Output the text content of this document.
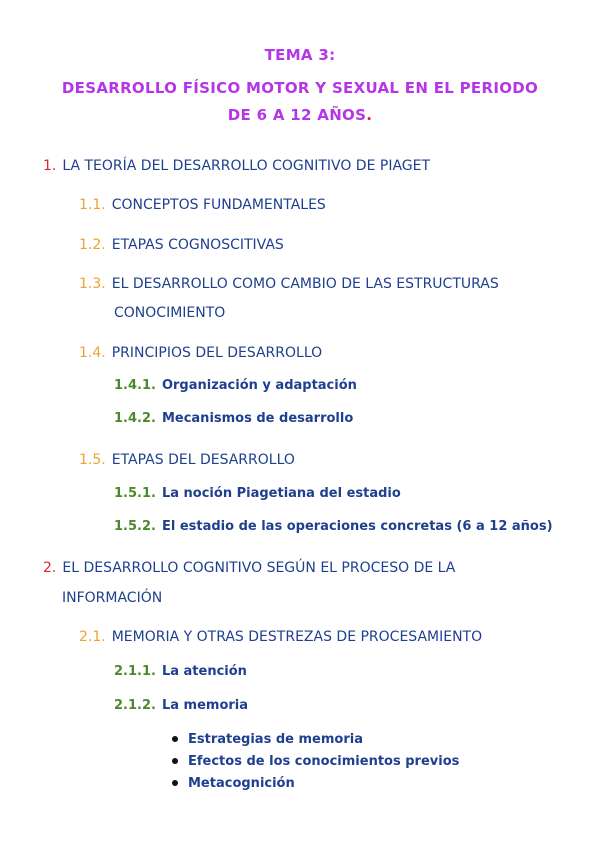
TEMA 3:
DESARROLLO FÍSICO MOTOR Y SEXUAL EN EL PERIODO
DE 6 A 12 AÑOS.
1. LA TEORÍA DEL DESARROLLO COGNITIVO DE PIAGET
1.1. CONCEPTOS FUNDAMENTALES
1.2. ETAPAS COGNOSCITIVAS
1.3. EL DESARROLLO COMO CAMBIO DE LAS ESTRUCTURAS
CONOCIMIENTO
1.4. PRINCIPIOS DEL DESARROLLO
1.4.1. Organización y adaptación
1.4.2. Mecanismos de desarrollo
1.5. ETAPAS DEL DESARROLLO
1.5.1. La noción Piagetiana del estadio
1.5.2. El estadio de las operaciones concretas (6 a 12 años)
2. EL DESARROLLO COGNITIVO SEGÚN EL PROCESO DE LA
INFORMACIÓN
2.1. MEMORIA Y OTRAS DESTREZAS DE PROCESAMIENTO
2.1.1. La atención
2.1.2. La memoria
Estrategias de memoria
Efectos de los conocimientos previos
Metacognición
